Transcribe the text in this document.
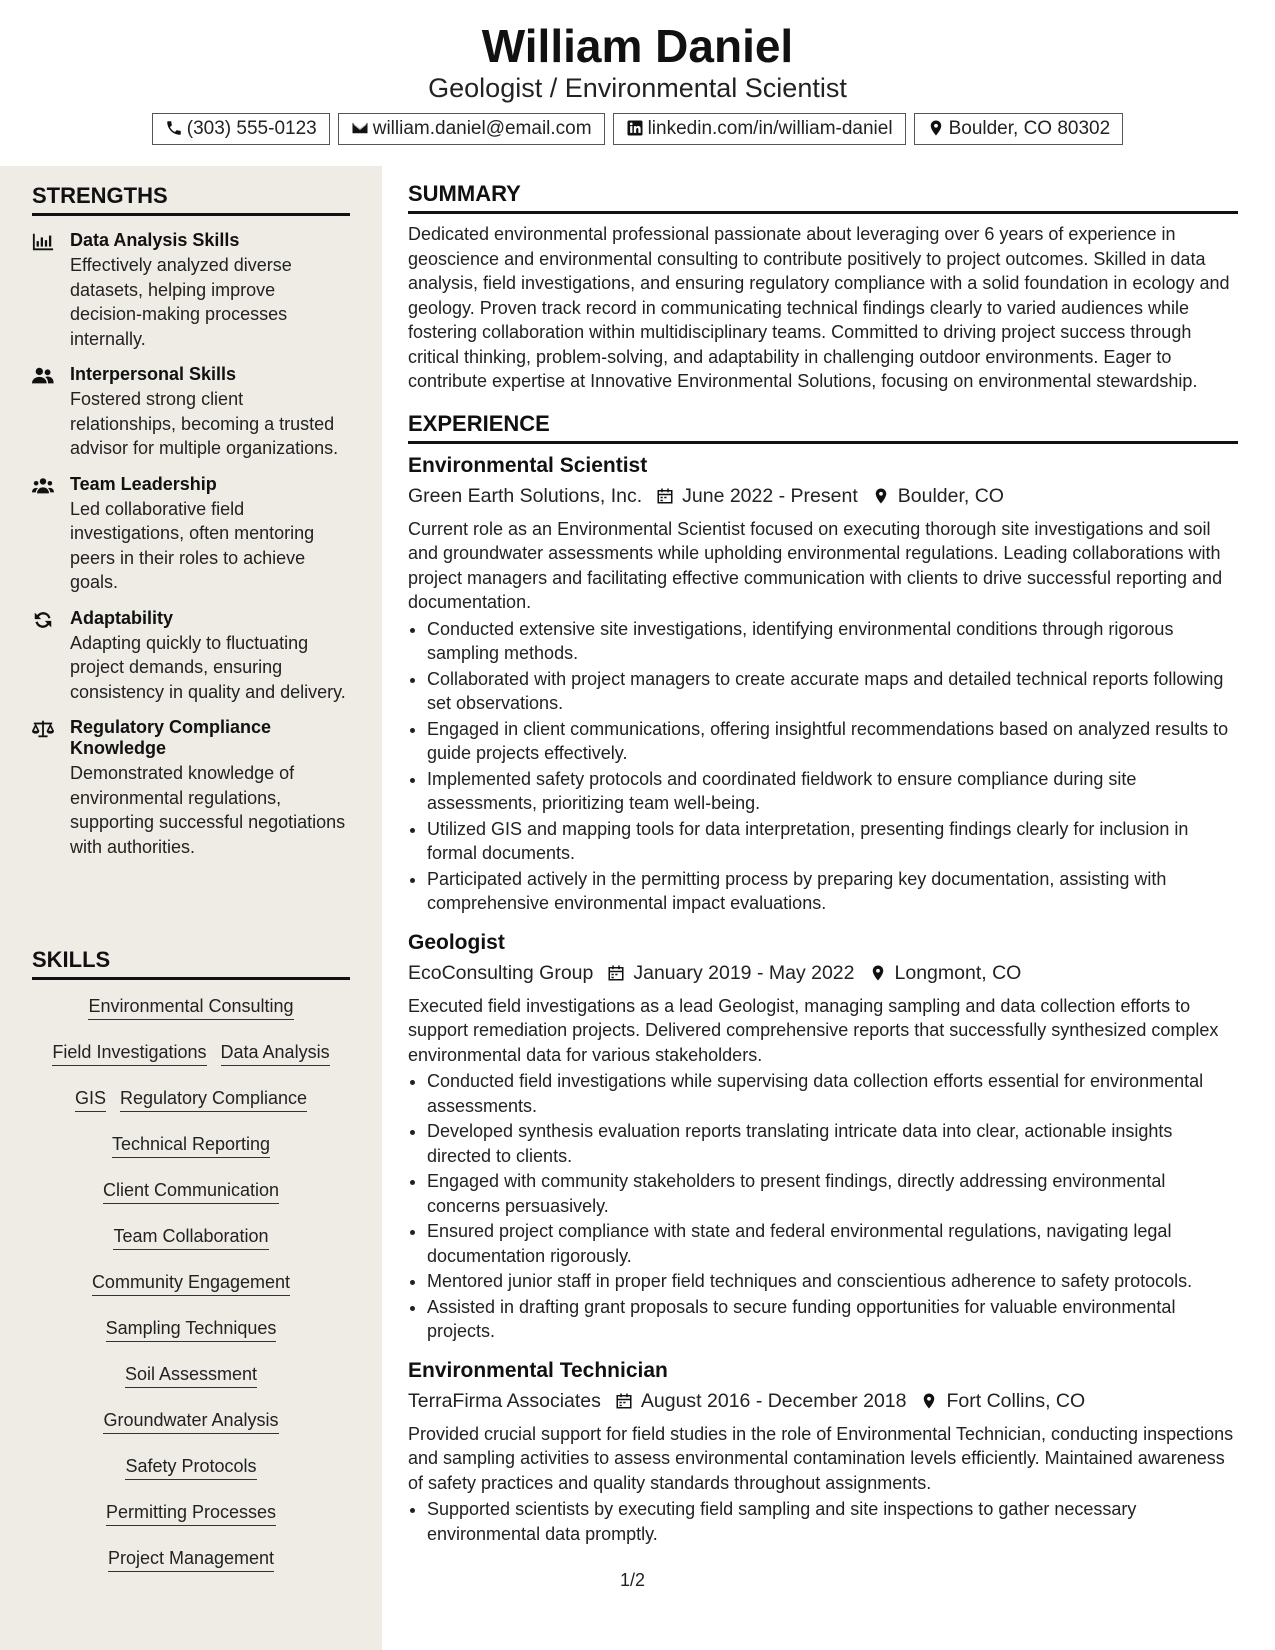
William Daniel
Geologist / Environmental Scientist
(303) 555-0123	william.daniel@email.com	linkedin.com/in/william-daniel	Boulder, CO 80302
STRENGTHS
Data Analysis Skills
Effectively analyzed diverse datasets, helping improve decision-making processes internally.
Interpersonal Skills
Fostered strong client relationships, becoming a trusted advisor for multiple organizations.
Team Leadership
Led collaborative field investigations, often mentoring peers in their roles to achieve goals.
Adaptability
Adapting quickly to fluctuating project demands, ensuring consistency in quality and delivery.
Regulatory Compliance Knowledge
Demonstrated knowledge of environmental regulations, supporting successful negotiations with authorities.
SKILLS
Environmental Consulting
Field Investigations Data Analysis
GIS Regulatory Compliance
Technical Reporting
Client Communication
Team Collaboration
Community Engagement
Sampling Techniques
Soil Assessment
Groundwater Analysis
Safety Protocols
Permitting Processes
Project Management
SUMMARY
Dedicated environmental professional passionate about leveraging over 6 years of experience in geoscience and environmental consulting to contribute positively to project outcomes. Skilled in data analysis, field investigations, and ensuring regulatory compliance with a solid foundation in ecology and geology. Proven track record in communicating technical findings clearly to varied audiences while fostering collaboration within multidisciplinary teams. Committed to driving project success through critical thinking, problem-solving, and adaptability in challenging outdoor environments. Eager to contribute expertise at Innovative Environmental Solutions, focusing on environmental stewardship.
EXPERIENCE
Environmental Scientist
Green Earth Solutions, Inc. June 2022 - Present Boulder, CO
Current role as an Environmental Scientist focused on executing thorough site investigations and soil and groundwater assessments while upholding environmental regulations. Leading collaborations with project managers and facilitating effective communication with clients to drive successful reporting and documentation.
• Conducted extensive site investigations, identifying environmental conditions through rigorous sampling methods.
• Collaborated with project managers to create accurate maps and detailed technical reports following set observations.
• Engaged in client communications, offering insightful recommendations based on analyzed results to guide projects effectively.
• Implemented safety protocols and coordinated fieldwork to ensure compliance during site assessments, prioritizing team well-being.
• Utilized GIS and mapping tools for data interpretation, presenting findings clearly for inclusion in formal documents.
• Participated actively in the permitting process by preparing key documentation, assisting with comprehensive environmental impact evaluations.
Geologist
EcoConsulting Group January 2019 - May 2022 Longmont, CO
Executed field investigations as a lead Geologist, managing sampling and data collection efforts to support remediation projects. Delivered comprehensive reports that successfully synthesized complex environmental data for various stakeholders.
• Conducted field investigations while supervising data collection efforts essential for environmental assessments.
• Developed synthesis evaluation reports translating intricate data into clear, actionable insights directed to clients.
• Engaged with community stakeholders to present findings, directly addressing environmental concerns persuasively.
• Ensured project compliance with state and federal environmental regulations, navigating legal documentation rigorously.
• Mentored junior staff in proper field techniques and conscientious adherence to safety protocols.
• Assisted in drafting grant proposals to secure funding opportunities for valuable environmental projects.
Environmental Technician
TerraFirma Associates August 2016 - December 2018 Fort Collins, CO
Provided crucial support for field studies in the role of Environmental Technician, conducting inspections and sampling activities to assess environmental contamination levels efficiently. Maintained awareness of safety practices and quality standards throughout assignments.
• Supported scientists by executing field sampling and site inspections to gather necessary environmental data promptly.
1/2
